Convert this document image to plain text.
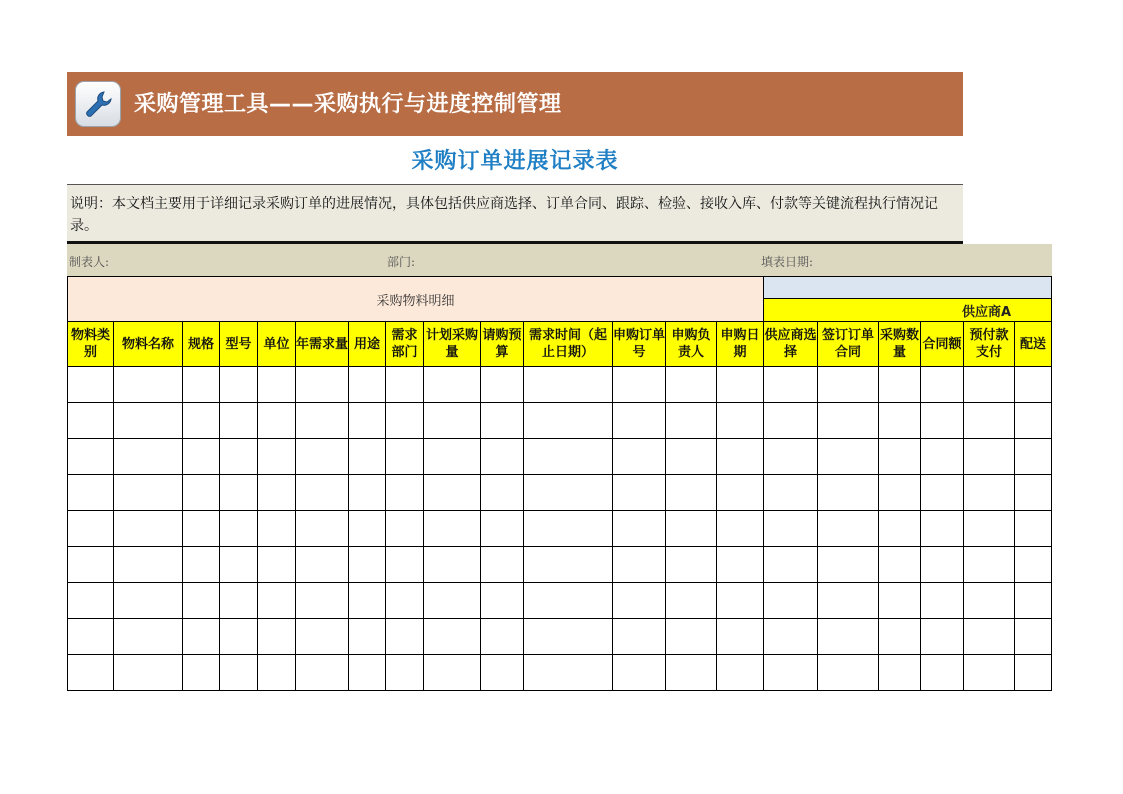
采购管理工具——采购执行与进度控制管理
采购订单进展记录表
说明：本文档主要用于详细记录采购订单的进展情况，具体包括供应商选择、订单合同、跟踪、检验、接收入库、付款等关键流程执行情况记录。
制表人:	部门:	填表日期:
采购物料明细																			
														供应商A					
物料类别	物料名称	规格	型号	单位	年需求量	用途	需求部门	计划采购量	请购预算	需求时间（起止日期）	申购订单号	申购负责人	申购日期	供应商选择	签订订单合同	采购数量	合同额	预付款支付	配送
